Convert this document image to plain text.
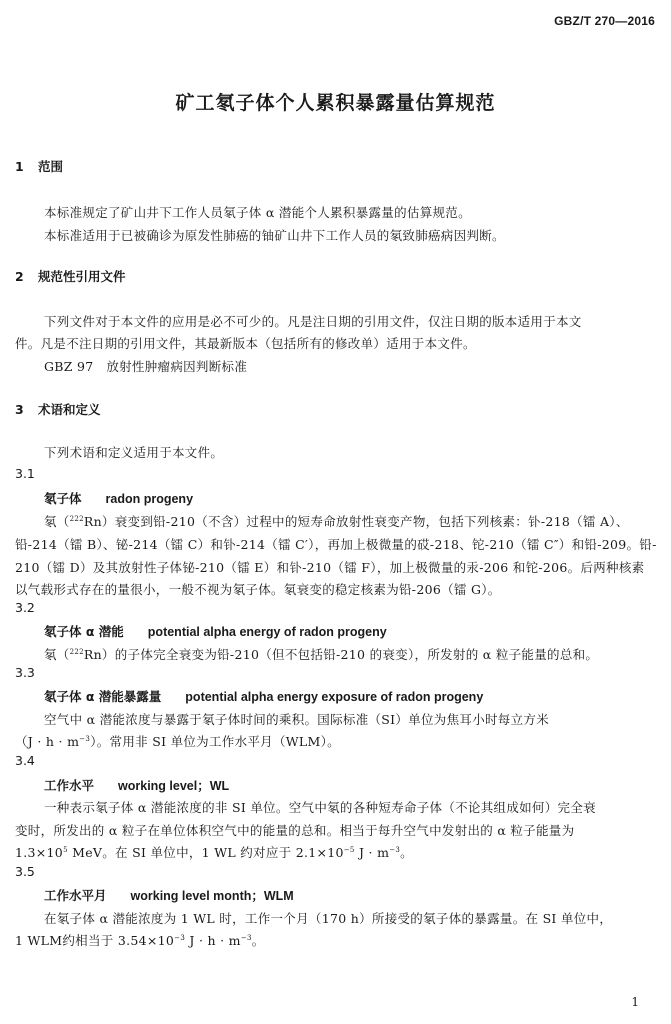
GBZ/T 270—2016
矿工氡子体个人累积暴露量估算规范
1 范围
本标准规定了矿山井下工作人员氡子体 α 潜能个人累积暴露量的估算规范。
本标准适用于已被确诊为原发性肺癌的铀矿山井下工作人员的氡致肺癌病因判断。
2 规范性引用文件
下列文件对于本文件的应用是必不可少的。凡是注日期的引用文件，仅注日期的版本适用于本文
件。凡是不注日期的引用文件，其最新版本（包括所有的修改单）适用于本文件。
GBZ 97　放射性肿瘤病因判断标准
3 术语和定义
下列术语和定义适用于本文件。
3.1
氡子体 radon progeny
氡（$^{222}$Rn）衰变到铅-210（不含）过程中的短寿命放射性衰变产物，包括下列核素：钋-218（镭 A）、
铅-214（镭 B）、铋-214（镭 C）和钋-214（镭 C′），再加上极微量的砹-218、铊-210（镭 C″）和铅-209。铅-
210（镭 D）及其放射性子体铋-210（镭 E）和钋-210（镭 F），加上极微量的汞-206 和铊-206。后两种核素
以气载形式存在的量很小，一般不视为氡子体。氡衰变的稳定核素为铅-206（镭 G）。
3.2
氡子体 α 潜能 potential alpha energy of radon progeny
氡（$^{222}$Rn）的子体完全衰变为铅-210（但不包括铅-210 的衰变），所发射的 α 粒子能量的总和。
3.3
氡子体 α 潜能暴露量 potential alpha energy exposure of radon progeny
空气中 α 潜能浓度与暴露于氡子体时间的乘积。国际标准（SI）单位为焦耳小时每立方米
$(J \cdot h \cdot m^{-3})$。常用非 SI 单位为工作水平月（WLM）。
3.4
工作水平 working level；WL
一种表示氡子体 α 潜能浓度的非 SI 单位。空气中氡的各种短寿命子体（不论其组成如何）完全衰
变时，所发出的 α 粒子在单位体积空气中的能量的总和。相当于每升空气中发射出的 α 粒子能量为
$1.3\times 10^5$ MeV。在 SI 单位中，1 WL 约对应于 $2.1\times 10^{-5}$ $J \cdot m^{-3}$。
3.5
工作水平月 working level month；WLM
在氡子体 α 潜能浓度为 1 WL 时，工作一个月（170 h）所接受的氡子体的暴露量。在 SI 单位中，
1 WLM约相当于 $3.54\times 10^{-3}$ $J \cdot h \cdot m^{-3}$。
1
